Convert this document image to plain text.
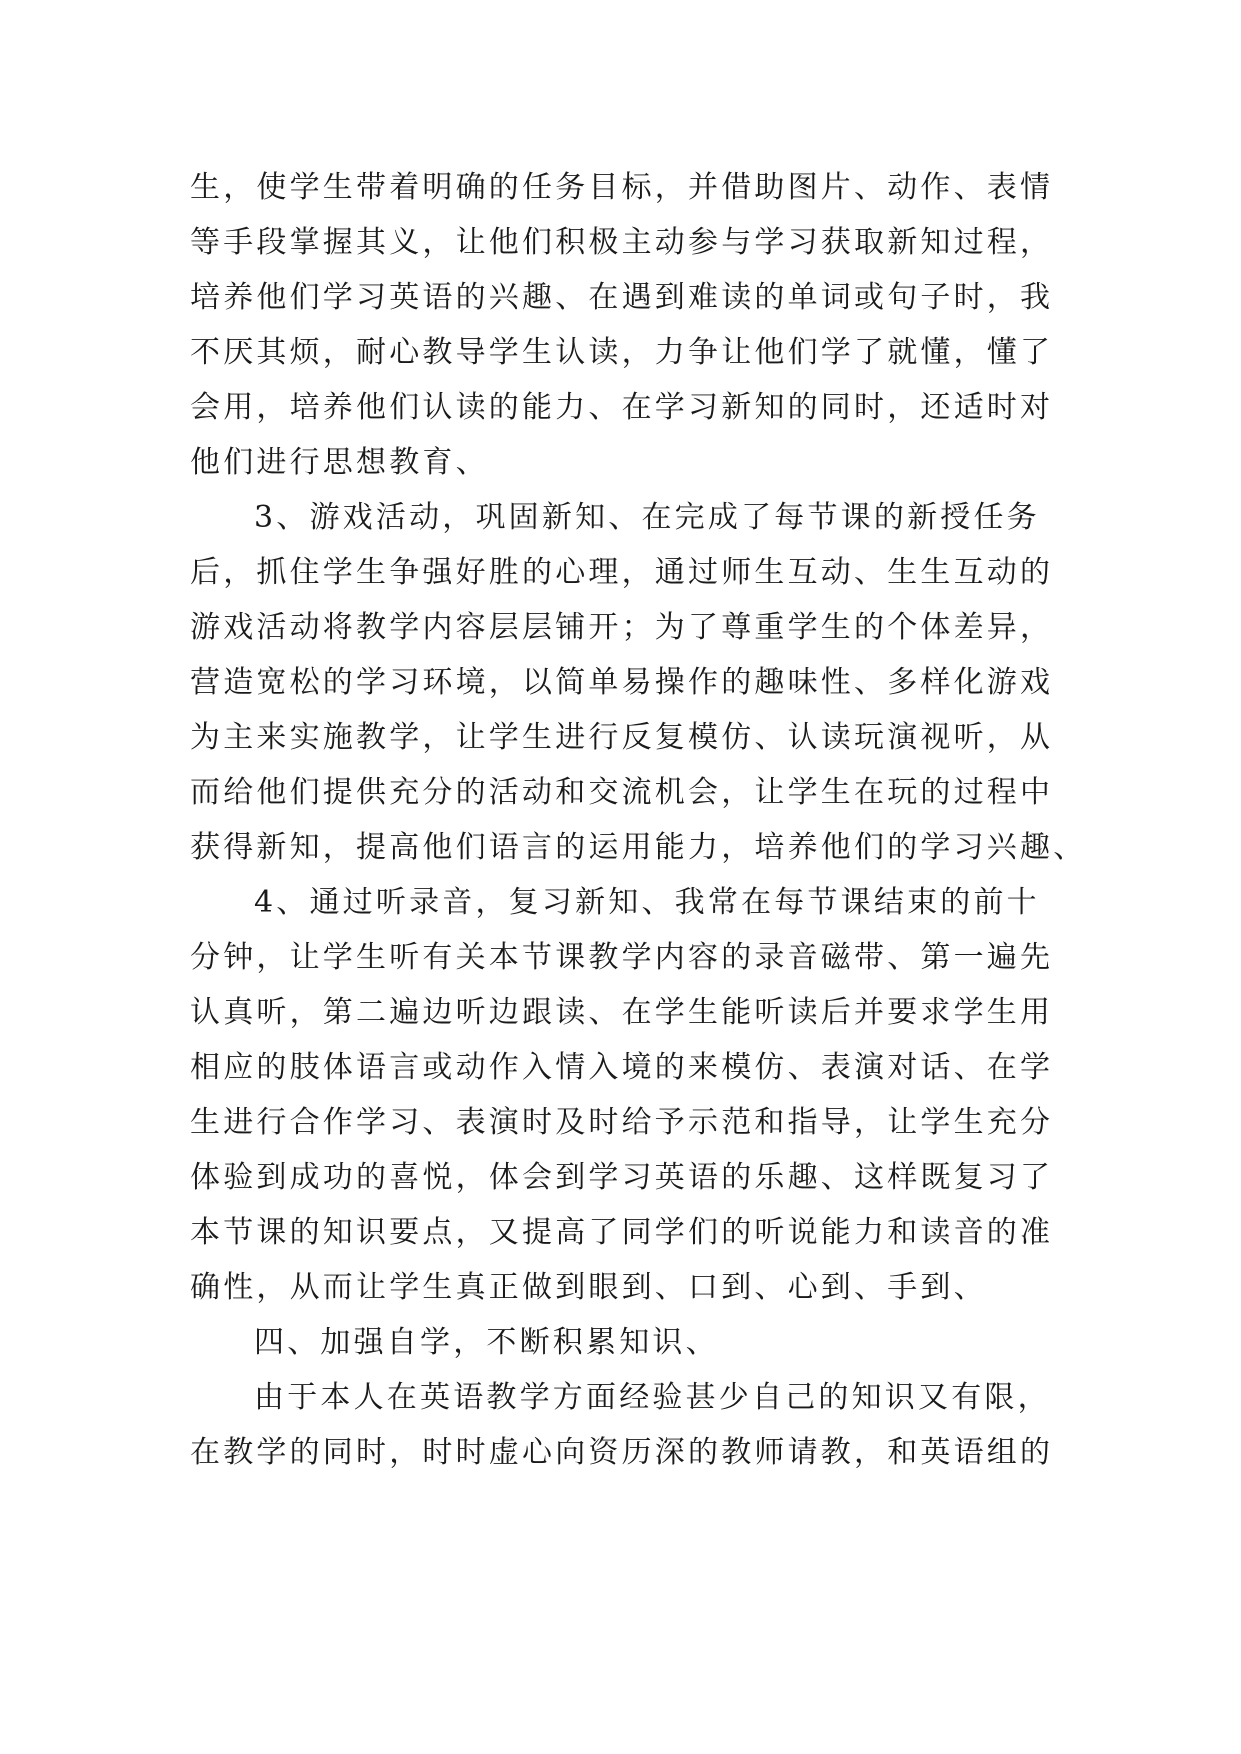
生，使学生带着明确的任务目标，并借助图片、动作、表情
等手段掌握其义，让他们积极主动参与学习获取新知过程，
培养他们学习英语的兴趣、在遇到难读的单词或句子时，我
不厌其烦，耐心教导学生认读，力争让他们学了就懂，懂了
会用，培养他们认读的能力、在学习新知的同时，还适时对
他们进行思想教育、
3、游戏活动，巩固新知、在完成了每节课的新授任务
后，抓住学生争强好胜的心理，通过师生互动、生生互动的
游戏活动将教学内容层层铺开；为了尊重学生的个体差异，
营造宽松的学习环境，以简单易操作的趣味性、多样化游戏
为主来实施教学，让学生进行反复模仿、认读玩演视听，从
而给他们提供充分的活动和交流机会，让学生在玩的过程中
获得新知，提高他们语言的运用能力，培养他们的学习兴趣、
4、通过听录音，复习新知、我常在每节课结束的前十
分钟，让学生听有关本节课教学内容的录音磁带、第一遍先
认真听，第二遍边听边跟读、在学生能听读后并要求学生用
相应的肢体语言或动作入情入境的来模仿、表演对话、在学
生进行合作学习、表演时及时给予示范和指导，让学生充分
体验到成功的喜悦，体会到学习英语的乐趣、这样既复习了
本节课的知识要点，又提高了同学们的听说能力和读音的准
确性，从而让学生真正做到眼到、口到、心到、手到、
四、加强自学，不断积累知识、
由于本人在英语教学方面经验甚少自己的知识又有限，
在教学的同时，时时虚心向资历深的教师请教，和英语组的
